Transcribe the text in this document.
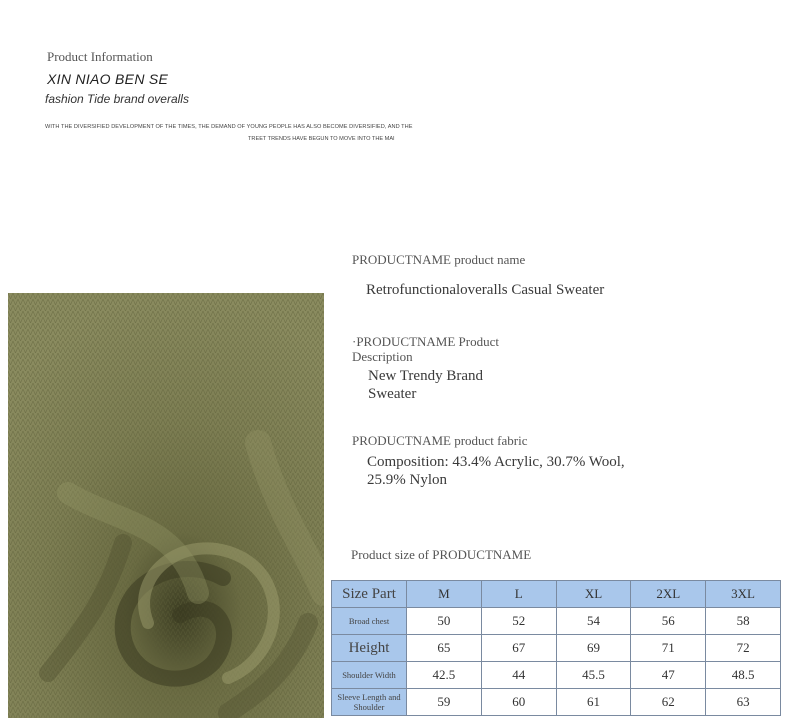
Product Information
XIN NIAO BEN SE
fashion Tide brand overalls
WITH THE DIVERSIFIED DEVELOPMENT OF THE TIMES, THE DEMAND OF YOUNG PEOPLE HAS ALSO BECOME DIVERSIFIED, AND THE
TREET TRENDS HAVE BEGUN TO MOVE INTO THE MAI
PRODUCTNAME product name
Retrofunctionaloveralls Casual Sweater
·PRODUCTNAME Product
Description
New Trendy Brand
Sweater
PRODUCTNAME product fabric
Composition: 43.4% Acrylic, 30.7% Wool,
25.9% Nylon
Product size of PRODUCTNAME
Size Part	M	L	XL	2XL	3XL
Broad chest	50	52	54	56	58
Height	65	67	69	71	72
Shoulder Width	42.5	44	45.5	47	48.5
Sleeve Length and Shoulder	59	60	61	62	63
